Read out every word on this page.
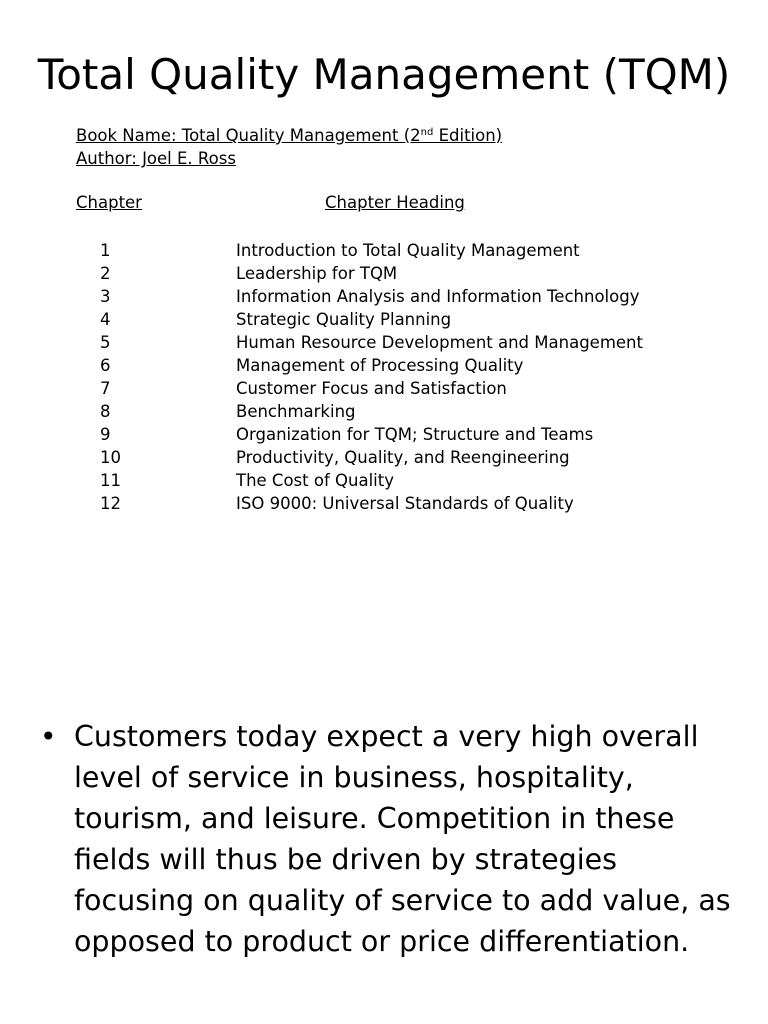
Total Quality Management (TQM)
Book Name: Total Quality Management (2nd Edition)
Author: Joel E. Ross
Chapter	Chapter Heading
1	Introduction to Total Quality Management
2	Leadership for TQM
3	Information Analysis and Information Technology
4	Strategic Quality Planning
5	Human Resource Development and Management
6	Management of Processing Quality
7	Customer Focus and Satisfaction
8	Benchmarking
9	Organization for TQM; Structure and Teams
10	Productivity, Quality, and Reengineering
11	The Cost of Quality
12	ISO 9000: Universal Standards of Quality
• Customers today expect a very high overall level of service in business, hospitality, tourism, and leisure. Competition in these fields will thus be driven by strategies focusing on quality of service to add value, as opposed to product or price differentiation.
